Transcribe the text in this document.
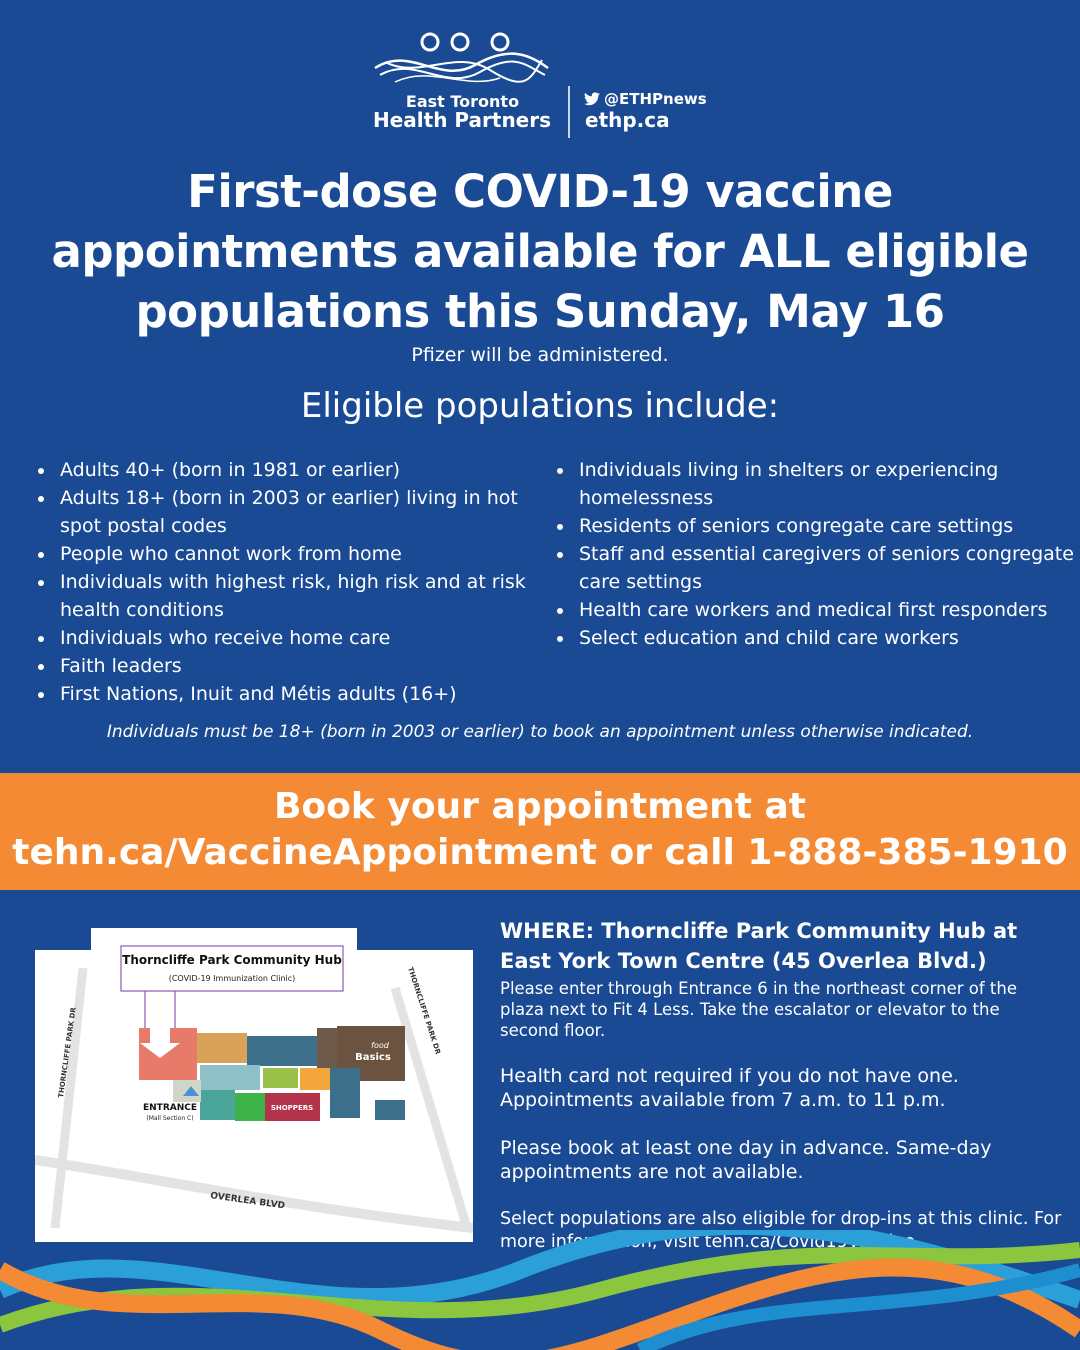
East Toronto
Health Partners
@ETHPnews
ethp.ca
First-dose COVID-19 vaccine
appointments available for ALL eligible
populations this Sunday, May 16
Pfizer will be administered.
Eligible populations include:
• Adults 40+ (born in 1981 or earlier)
• Adults 18+ (born in 2003 or earlier) living in hot spot postal codes
• People who cannot work from home
• Individuals with highest risk, high risk and at risk health conditions
• Individuals who receive home care
• Faith leaders
• First Nations, Inuit and Métis adults (16+)
• Individuals living in shelters or experiencing homelessness
• Residents of seniors congregate care settings
• Staff and essential caregivers of seniors congregate care settings
• Health care workers and medical first responders
• Select education and child care workers
Individuals must be 18+ (born in 2003 or earlier) to book an appointment unless otherwise indicated.
Book your appointment at
tehn.ca/VaccineAppointment or call 1-888-385-1910
THORNCLIFFE PARK DR	THORNCLIFFE PARK DR
OVERLEA BLVD
Thorncliffe Park Community Hub
(COVID-19 Immunization Clinic)
food
Basics
SHOPPERS
ENTRANCE
(Mall Section C)
WHERE: Thorncliffe Park Community Hub at East York Town Centre (45 Overlea Blvd.)
Please enter through Entrance 6 in the northeast corner of the plaza next to Fit 4 Less. Take the escalator or elevator to the second floor.
Health card not required if you do not have one. Appointments available from 7 a.m. to 11 p.m.
Please book at least one day in advance. Same-day appointments are not available.
Select populations are also eligible for drop-ins at this clinic. For more information, visit tehn.ca/Covid19Vaccine.
